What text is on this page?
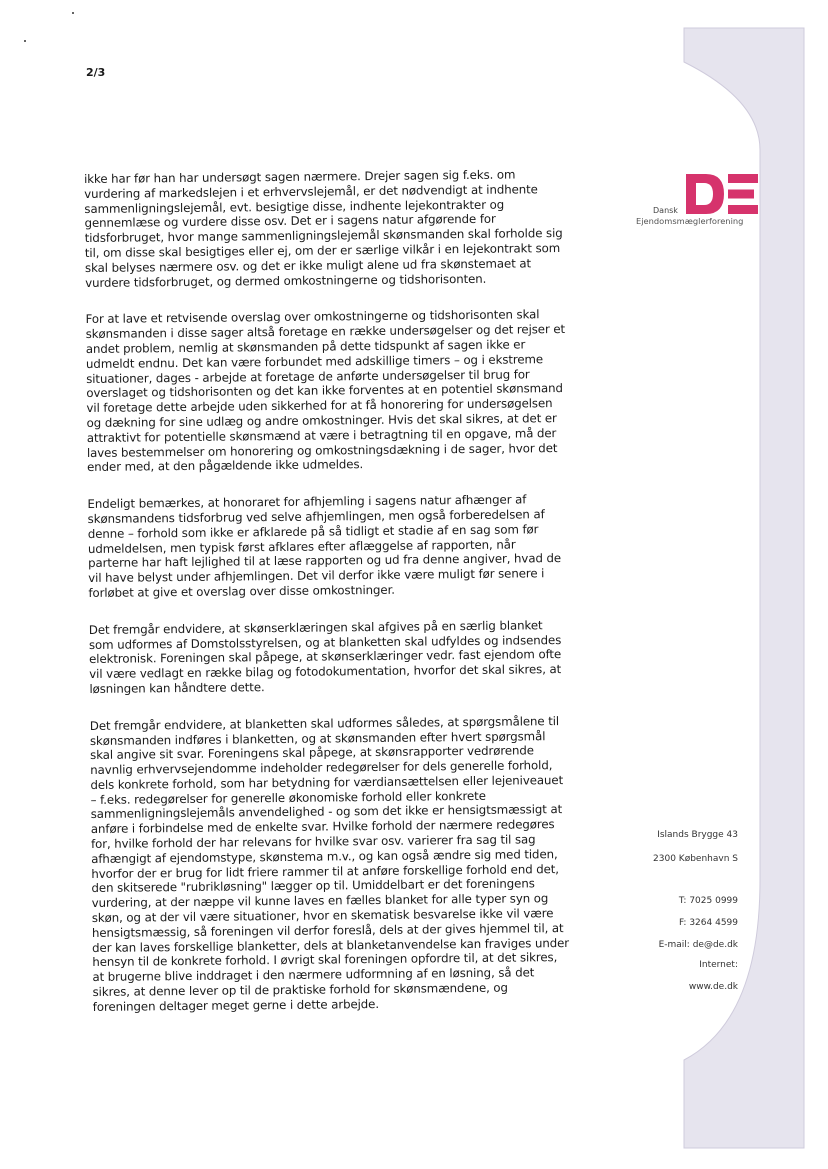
2/3
Dansk
Ejendomsmæglerforening

ikke har før han har undersøgt sagen nærmere. Drejer sagen sig f.eks. om vurdering af markedslejen i et erhvervslejemål, er det nødvendigt at indhente sammenligningslejemål, evt. besigtige disse, indhente lejekontrakter og gennemlæse og vurdere disse osv. Det er i sagens natur afgørende for tidsforbruget, hvor mange sammenligningslejemål skønsmanden skal forholde sig til, om disse skal besigtiges eller ej, om der er særlige vilkår i en lejekontrakt som skal belyses nærmere osv. og det er ikke muligt alene ud fra skønstemaet at vurdere tidsforbruget, og dermed omkostningerne og tidshorisonten.

For at lave et retvisende overslag over omkostningerne og tidshorisonten skal skønsmanden i disse sager altså foretage en række undersøgelser og det rejser et andet problem, nemlig at skønsmanden på dette tidspunkt af sagen ikke er udmeldt endnu. Det kan være forbundet med adskillige timers – og i ekstreme situationer, dages - arbejde at foretage de anførte undersøgelser til brug for overslaget og tidshorisonten og det kan ikke forventes at en potentiel skønsmand vil foretage dette arbejde uden sikkerhed for at få honorering for undersøgelsen og dækning for sine udlæg og andre omkostninger. Hvis det skal sikres, at det er attraktivt for potentielle skønsmænd at være i betragtning til en opgave, må der laves bestemmelser om honorering og omkostningsdækning i de sager, hvor det ender med, at den pågældende ikke udmeldes.

Endeligt bemærkes, at honoraret for afhjemling i sagens natur afhænger af skønsmandens tidsforbrug ved selve afhjemlingen, men også forberedelsen af denne – forhold som ikke er afklarede på så tidligt et stadie af en sag som før udmeldelsen, men typisk først afklares efter aflæggelse af rapporten, når parterne har haft lejlighed til at læse rapporten og ud fra denne angiver, hvad de vil have belyst under afhjemlingen. Det vil derfor ikke være muligt før senere i forløbet at give et overslag over disse omkostninger.

Det fremgår endvidere, at skønserklæringen skal afgives på en særlig blanket som udformes af Domstolsstyrelsen, og at blanketten skal udfyldes og indsendes elektronisk. Foreningen skal påpege, at skønserklæringer vedr. fast ejendom ofte vil være vedlagt en række bilag og fotodokumentation, hvorfor det skal sikres, at løsningen kan håndtere dette.

Det fremgår endvidere, at blanketten skal udformes således, at spørgsmålene til skønsmanden indføres i blanketten, og at skønsmanden efter hvert spørgsmål skal angive sit svar. Foreningens skal påpege, at skønsrapporter vedrørende navnlig erhvervsejendomme indeholder redegørelser for dels generelle forhold, dels konkrete forhold, som har betydning for værdiansættelsen eller lejeniveauet – f.eks. redegørelser for generelle økonomiske forhold eller konkrete sammenligningslejemåls anvendelighed - og som det ikke er hensigtsmæssigt at anføre i forbindelse med de enkelte svar. Hvilke forhold der nærmere redegøres for, hvilke forhold der har relevans for hvilke svar osv. varierer fra sag til sag afhængigt af ejendomstype, skønstema m.v., og kan også ændre sig med tiden, hvorfor der er brug for lidt friere rammer til at anføre forskellige forhold end det, den skitserede "rubrikløsning" lægger op til. Umiddelbart er det foreningens vurdering, at der næppe vil kunne laves en fælles blanket for alle typer syn og skøn, og at der vil være situationer, hvor en skematisk besvarelse ikke vil være hensigtsmæssig, så foreningen vil derfor foreslå, dels at der gives hjemmel til, at der kan laves forskellige blanketter, dels at blanketanvendelse kan fraviges under hensyn til de konkrete forhold. I øvrigt skal foreningen opfordre til, at det sikres, at brugerne blive inddraget i den nærmere udformning af en løsning, så det sikres, at denne lever op til de praktiske forhold for skønsmændene, og foreningen deltager meget gerne i dette arbejde.

Islands Brygge 43
2300 København S
T: 7025 0999
F: 3264 4599
E-mail: de@de.dk
Internet:
www.de.dk
